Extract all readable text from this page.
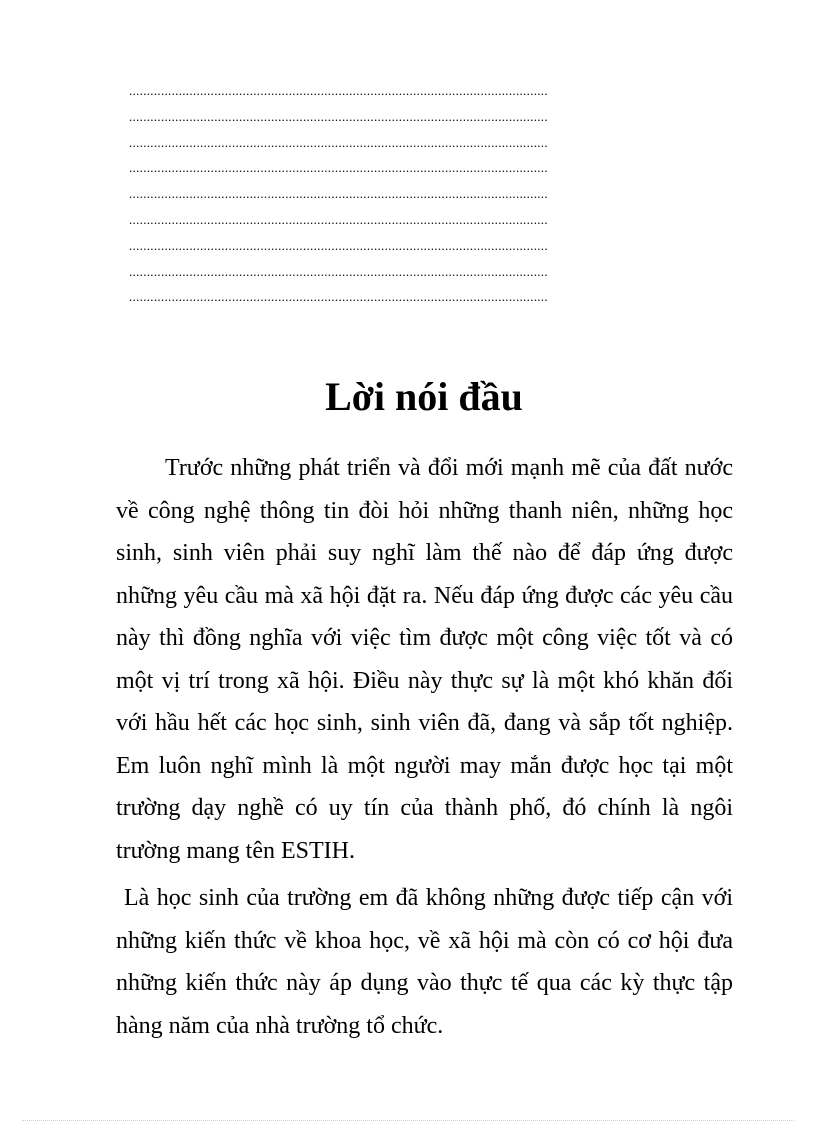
......................................................................................................................
......................................................................................................................
......................................................................................................................
......................................................................................................................
......................................................................................................................
......................................................................................................................
......................................................................................................................
......................................................................................................................
......................................................................................................................
Lời nói đầu

Trước những phát triển và đổi mới mạnh mẽ của đất nước về công nghệ thông tin đòi hỏi những thanh niên, những học sinh, sinh viên phải suy nghĩ làm thế nào để đáp ứng được những yêu cầu mà xã hội đặt ra. Nếu đáp ứng được các yêu cầu này thì đồng nghĩa với việc tìm được một công việc tốt và có một vị trí trong xã hội. Điều này thực sự là một khó khăn đối với hầu hết các học sinh, sinh viên đã, đang và sắp tốt nghiệp. Em luôn nghĩ mình là một người may mắn được học tại một trường dạy nghề có uy tín của thành phố, đó chính là ngôi trường mang tên ESTIH.

Là học sinh của trường em đã không những được tiếp cận với những kiến thức về khoa học, về xã hội mà còn có cơ hội đưa những kiến thức này áp dụng vào thực tế qua các kỳ thực tập hàng năm của nhà trường tổ chức.
